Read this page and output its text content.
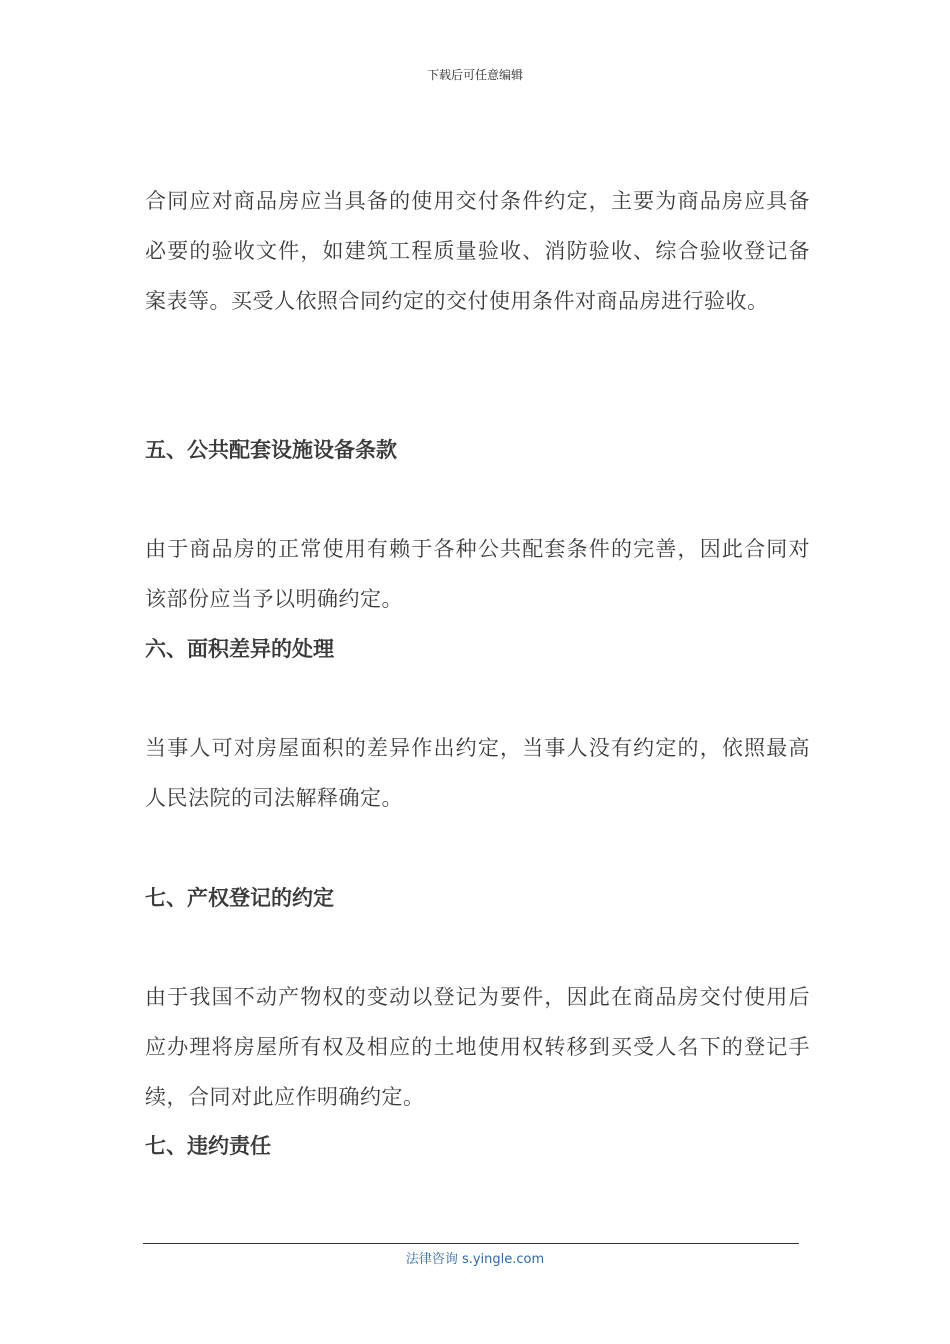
下载后可任意编辑
合同应对商品房应当具备的使用交付条件约定，主要为商品房应具备必要的验收文件，如建筑工程质量验收、消防验收、综合验收登记备案表等。买受人依照合同约定的交付使用条件对商品房进行验收。
五、公共配套设施设备条款
由于商品房的正常使用有赖于各种公共配套条件的完善，因此合同对该部份应当予以明确约定。
六、面积差异的处理
当事人可对房屋面积的差异作出约定，当事人没有约定的，依照最高人民法院的司法解释确定。
七、产权登记的约定
由于我国不动产物权的变动以登记为要件，因此在商品房交付使用后应办理将房屋所有权及相应的土地使用权转移到买受人名下的登记手续，合同对此应作明确约定。
七、违约责任
法律咨询 s.yingle.com
